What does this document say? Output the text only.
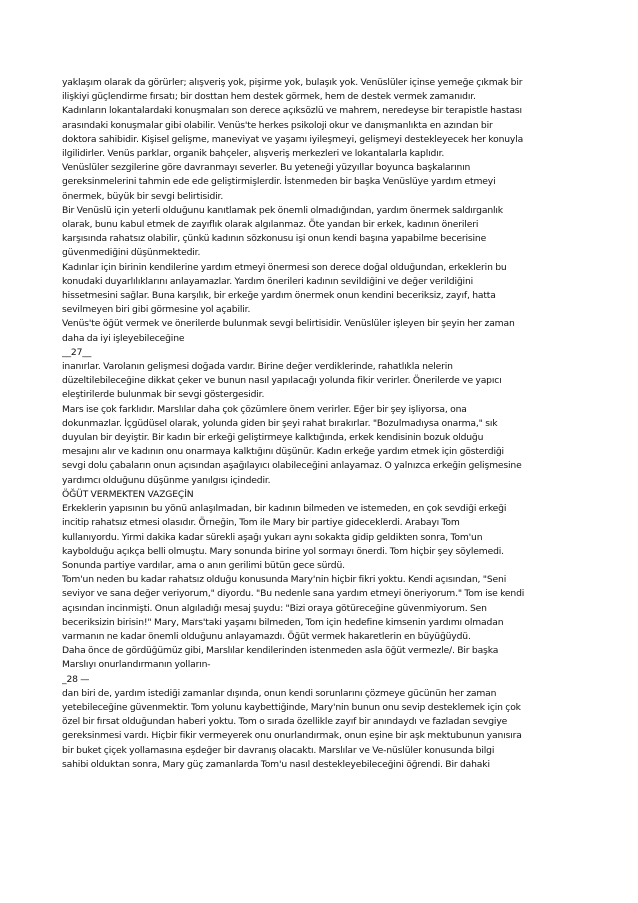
yaklaşım olarak da görürler; alışveriş yok, pişirme yok, bulaşık yok. Venüslüler içinse yemeğe çıkmak bir
ilişkiyi güçlendirme fırsatı; bir dosttan hem destek görmek, hem de destek vermek zamanıdır.
Kadınların lokantalardaki konuşmaları son derece açıksözlü ve mahrem, neredeyse bir terapistle hastası
arasındaki konuşmalar gibi olabilir. Venüs'te herkes psikoloji okur ve danışmanlıkta en azından bir
doktora sahibidir. Kişisel gelişme, maneviyat ve yaşamı iyileşmeyi, gelişmeyi destekleyecek her konuyla
ilgilidirler. Venüs parklar, organik bahçeler, alışveriş merkezleri ve lokantalarla kaplıdır.
Venüslüler sezgilerine göre davranmayı severler. Bu yeteneği yüzyıllar boyunca başkalarının
gereksinmelerini tahmin ede ede geliştirmişlerdir. İstenmeden bir başka Venüslüye yardım etmeyi
önermek, büyük bir sevgi belirtisidir.
Bir Venüslü için yeterli olduğunu kanıtlamak pek önemli olmadığından, yardım önermek saldırganlık
olarak, bunu kabul etmek de zayıflık olarak algılanmaz. Öte yandan bir erkek, kadının önerileri
karşısında rahatsız olabilir, çünkü kadının sözkonusu işi onun kendi başına yapabilme becerisine
güvenmediğini düşünmektedir.
Kadınlar için birinin kendilerine yardım etmeyi önermesi son derece doğal olduğundan, erkeklerin bu
konudaki duyarlılıklarını anlayamazlar. Yardım önerileri kadının sevildiğini ve değer verildiğini
hissetmesini sağlar. Buna karşılık, bir erkeğe yardım önermek onun kendini beceriksiz, zayıf, hatta
sevilmeyen biri gibi görmesine yol açabilir.
Venüs'te öğüt vermek ve önerilerde bulunmak sevgi belirtisidir. Venüslüler işleyen bir şeyin her zaman
daha da iyi işleyebileceğine
__27__
inanırlar. Varolanın gelişmesi doğada vardır. Birine değer verdiklerinde, rahatlıkla nelerin
düzeltilebileceğine dikkat çeker ve bunun nasıl yapılacağı yolunda fikir verirler. Önerilerde ve yapıcı
eleştirilerde bulunmak bir sevgi göstergesidir.
Mars ise çok farklıdır. Marslılar daha çok çözümlere önem verirler. Eğer bir şey işliyorsa, ona
dokunmazlar. İçgüdüsel olarak, yolunda giden bir şeyi rahat bırakırlar. "Bozulmadıysa onarma," sık
duyulan bir deyiştir. Bir kadın bir erkeği geliştirmeye kalktığında, erkek kendisinin bozuk olduğu
mesajını alır ve kadının onu onarmaya kalktığını düşünür. Kadın erkeğe yardım etmek için gösterdiği
sevgi dolu çabaların onun açısından aşağılayıcı olabileceğini anlayamaz. O yalnızca erkeğin gelişmesine
yardımcı olduğunu düşünme yanılgısı içindedir.
ÖĞÜT VERMEKTEN VAZGEÇİN
Erkeklerin yapısının bu yönü anlaşılmadan, bir kadının bilmeden ve istemeden, en çok sevdiği erkeği
incitip rahatsız etmesi olasıdır. Örneğin, Tom ile Mary bir partiye gideceklerdi. Arabayı Tom
kullanıyordu. Yirmi dakika kadar sürekli aşağı yukarı aynı sokakta gidip geldikten sonra, Tom'un
kaybolduğu açıkça belli olmuştu. Mary sonunda birine yol sormayı önerdi. Tom hiçbir şey söylemedi.
Sonunda partiye vardılar, ama o anın gerilimi bütün gece sürdü.
Tom'un neden bu kadar rahatsız olduğu konusunda Mary'nin hiçbir fikri yoktu. Kendi açısından, "Seni
seviyor ve sana değer veriyorum," diyordu. "Bu nedenle sana yardım etmeyi öneriyorum." Tom ise kendi
açısından incinmişti. Onun algıladığı mesaj şuydu: "Bizi oraya götüreceğine güvenmiyorum. Sen
beceriksizin birisin!" Mary, Mars'taki yaşamı bilmeden, Tom için hedefine kimsenin yardımı olmadan
varmanın ne kadar önemli olduğunu anlayamazdı. Öğüt vermek hakaretlerin en büyüğüydü.
Daha önce de gördüğümüz gibi, Marslılar kendilerinden istenmeden asla öğüt vermezle/. Bir başka
Marslıyı onurlandırmanın yolların-
_28 —
dan biri de, yardım istediği zamanlar dışında, onun kendi sorunlarını çözmeye gücünün her zaman
yetebileceğine güvenmektir. Tom yolunu kaybettiğinde, Mary'nin bunun onu sevip desteklemek için çok
özel bir fırsat olduğundan haberi yoktu. Tom o sırada özellikle zayıf bir anındaydı ve fazladan sevgiye
gereksinmesi vardı. Hiçbir fikir vermeyerek onu onurlandırmak, onun eşine bir aşk mektubunun yanısıra
bir buket çiçek yollamasına eşdeğer bir davranış olacaktı. Marslılar ve Ve-nüslüler konusunda bilgi
sahibi olduktan sonra, Mary güç zamanlarda Tom'u nasıl destekleyebileceğini öğrendi. Bir dahaki
